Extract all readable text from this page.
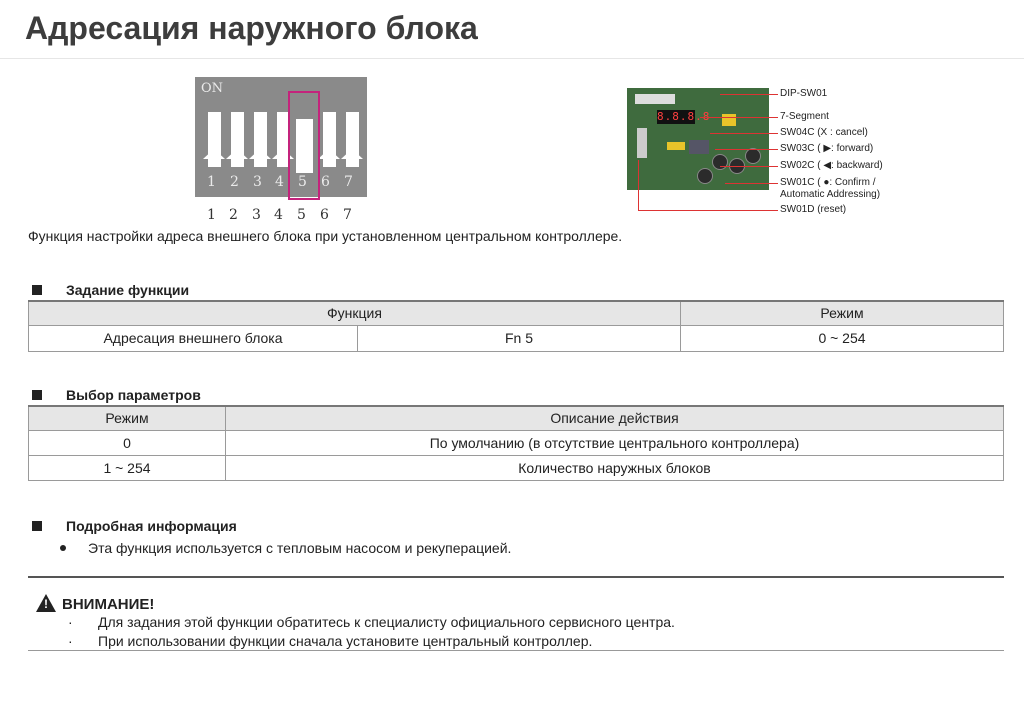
Адресация наружного блока
ON
1 2 3 4 5 6 7
1 2 3 4 5 6 7
8.8.8.8
DIP-SW01
7-Segment
SW04C (X : cancel)
SW03C ( ▶: forward)
SW02C ( ◀: backward)
SW01C ( ●: Confirm /
Automatic Addressing)
SW01D (reset)
Функция настройки адреса внешнего блока при установленном центральном контроллере.
Задание функции
Функция		Режим
Адресация внешнего блока	Fn 5	0 ~ 254
Выбор параметров
Режим	Описание действия
0	По умолчанию (в отсутствие центрального контроллера)
1 ~ 254	Количество наружных блоков
Подробная информация
Эта функция используется с тепловым насосом и рекуперацией.
! ВНИМАНИЕ!
· Для задания этой функции обратитесь к специалисту официального сервисного центра.
· При использовании функции сначала установите центральный контроллер.
